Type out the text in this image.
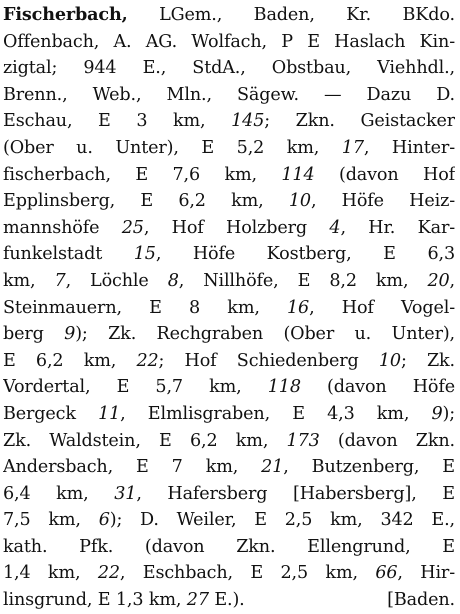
Fischerbach, LGem., Baden, Kr. BKdo.
Offenbach, A. AG. Wolfach, P E Haslach Kin-
zigtal; 944 E., StdA., Obstbau, Viehhdl.,
Brenn., Web., Mln., Sägew. — Dazu D.
Eschau, E 3 km, 145; Zkn. Geistacker
(Ober u. Unter), E 5,2 km, 17, Hinter-
fischerbach, E 7,6 km, 114 (davon Hof
Epplinsberg, E 6,2 km, 10, Höfe Heiz-
mannshöfe 25, Hof Holzberg 4, Hr. Kar-
funkelstadt 15, Höfe Kostberg, E 6,3
km, 7, Löchle 8, Nillhöfe, E 8,2 km, 20,
Steinmauern, E 8 km, 16, Hof Vogel-
berg 9); Zk. Rechgraben (Ober u. Unter),
E 6,2 km, 22; Hof Schiedenberg 10; Zk.
Vordertal, E 5,7 km, 118 (davon Höfe
Bergeck 11, Elmlisgraben, E 4,3 km, 9);
Zk. Waldstein, E 6,2 km, 173 (davon Zkn.
Andersbach, E 7 km, 21, Butzenberg, E
6,4 km, 31, Hafersberg [Habersberg], E
7,5 km, 6); D. Weiler, E 2,5 km, 342 E.,
kath. Pfk. (davon Zkn. Ellengrund, E
1,4 km, 22, Eschbach, E 2,5 km, 66, Hir-
linsgrund, E 1,3 km, 27 E.).	[Baden.
